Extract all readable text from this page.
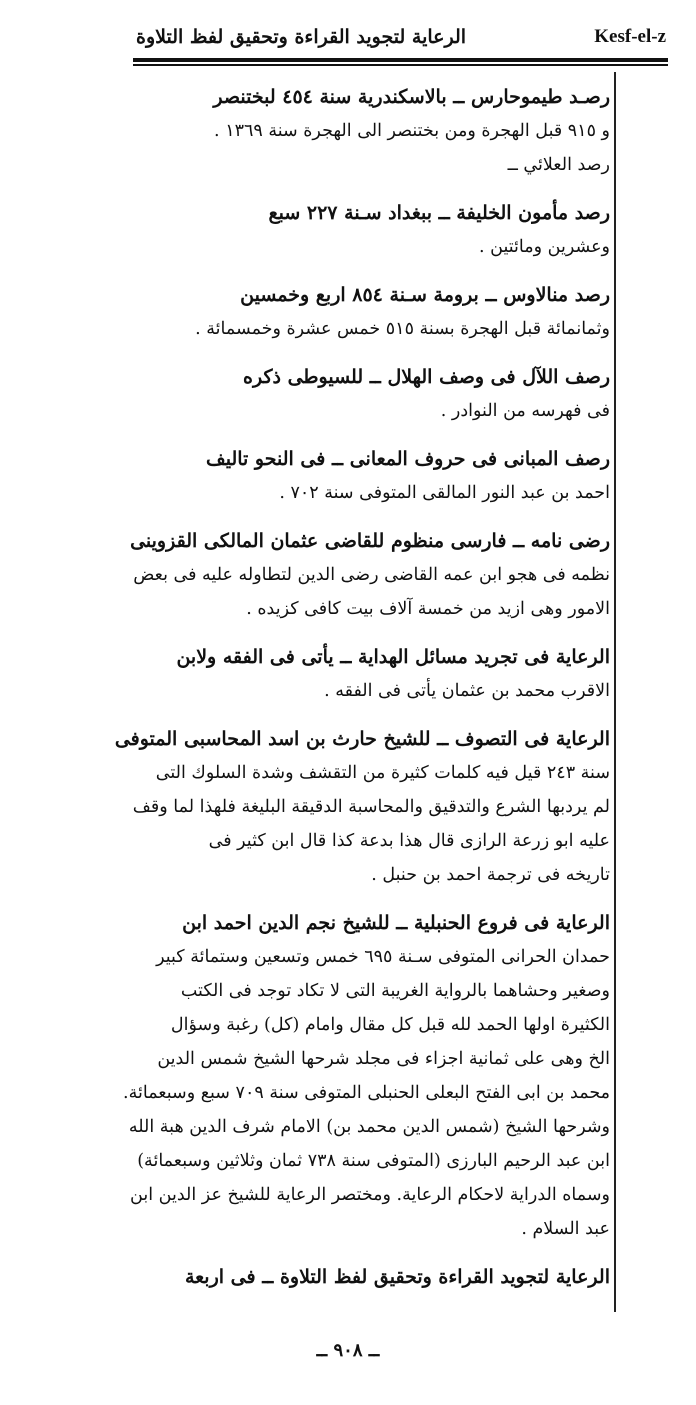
الرعاية لتجويد القراءة وتحقيق لفظ التلاوة	Kesf-el-z
رصـد طيموحارس ــ بالاسكندرية سنة ٤٥٤ لبختنصر
و ٩١٥ قبل الهجرة ومن بختنصر الى الهجرة سنة ١٣٦٩ .
رصد العلائي ــ
رصد مأمون الخليفة ــ ببغداد سـنة ٢٢٧ سبع
وعشرين ومائتين .
رصد منالاوس ــ برومة سـنة ٨٥٤ اربع وخمسين
وثمانمائة قبل الهجرة بسنة ٥١٥ خمس عشرة وخمسمائة .
رصف اللآل فى وصف الهلال ــ للسيوطى ذكره
فى فهرسه من النوادر .
رصف المبانى فى حروف المعانى ــ فى النحو تاليف
احمد بن عبد النور المالقى المتوفى سنة ٧٠٢ .
رضى نامه ــ فارسى منظوم للقاضى عثمان المالكى القزوينى
نظمه فى هجو ابن عمه القاضى رضى الدين لتطاوله عليه فى بعض
الامور وهى ازيد من خمسة آلاف بيت كافى كزيده .
الرعاية فى تجريد مسائل الهداية ــ يأتى فى الفقه ولابن
الاقرب محمد بن عثمان يأتى فى الفقه .
الرعاية فى التصوف ــ للشيخ حارث بن اسد المحاسبى المتوفى
سنة ٢٤٣ قيل فيه كلمات كثيرة من التقشف وشدة السلوك التى
لم يردبها الشرع والتدقيق والمحاسبة الدقيقة البليغة فلهذا لما وقف
عليه ابو زرعة الرازى قال هذا بدعة كذا قال ابن كثير فى
تاريخه فى ترجمة احمد بن حنبل .
الرعاية فى فروع الحنبلية ــ للشيخ نجم الدين احمد ابن
حمدان الحرانى المتوفى سـنة ٦٩٥ خمس وتسعين وستمائة كبير
وصغير وحشاهما بالرواية الغريبة التى لا تكاد توجد فى الكتب
الكثيرة اولها الحمد لله قبل كل مقال وامام (كل) رغبة وسؤال
الخ وهى على ثمانية اجزاء فى مجلد شرحها الشيخ شمس الدين
محمد بن ابى الفتح البعلى الحنبلى المتوفى سنة ٧٠٩ سبع وسبعمائة.
وشرحها الشيخ (شمس الدين محمد بن) الامام شرف الدين هبة الله
ابن عبد الرحيم البارزى (المتوفى سنة ٧٣٨ ثمان وثلاثين وسبعمائة)
وسماه الدراية لاحكام الرعاية. ومختصر الرعاية للشيخ عز الدين ابن
عبد السلام .
الرعاية لتجويد القراءة وتحقيق لفظ التلاوة ــ فى اربعة
ــ ٩٠٨ ــ
